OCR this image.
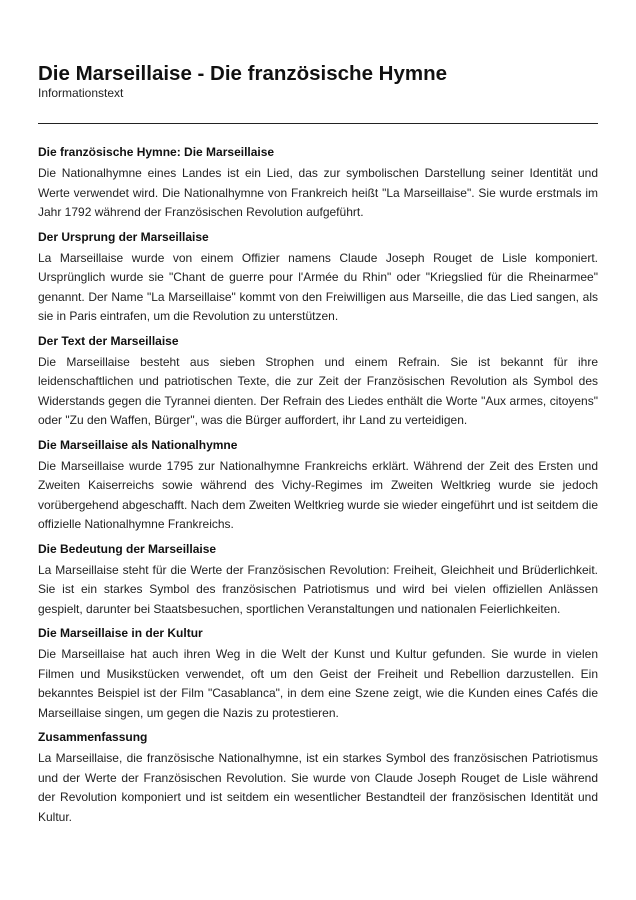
Die Marseillaise - Die französische Hymne

Informationstext

Die französische Hymne: Die Marseillaise

Die Nationalhymne eines Landes ist ein Lied, das zur symbolischen Darstellung seiner Identität und Werte verwendet wird. Die Nationalhymne von Frankreich heißt "La Marseillaise". Sie wurde erstmals im Jahr 1792 während der Französischen Revolution aufgeführt.

Der Ursprung der Marseillaise

La Marseillaise wurde von einem Offizier namens Claude Joseph Rouget de Lisle komponiert. Ursprünglich wurde sie "Chant de guerre pour l'Armée du Rhin" oder "Kriegslied für die Rheinarmee" genannt. Der Name "La Marseillaise" kommt von den Freiwilligen aus Marseille, die das Lied sangen, als sie in Paris eintrafen, um die Revolution zu unterstützen.

Der Text der Marseillaise

Die Marseillaise besteht aus sieben Strophen und einem Refrain. Sie ist bekannt für ihre leidenschaftlichen und patriotischen Texte, die zur Zeit der Französischen Revolution als Symbol des Widerstands gegen die Tyrannei dienten. Der Refrain des Liedes enthält die Worte "Aux armes, citoyens" oder "Zu den Waffen, Bürger", was die Bürger auffordert, ihr Land zu verteidigen.

Die Marseillaise als Nationalhymne

Die Marseillaise wurde 1795 zur Nationalhymne Frankreichs erklärt. Während der Zeit des Ersten und Zweiten Kaiserreichs sowie während des Vichy-Regimes im Zweiten Weltkrieg wurde sie jedoch vorübergehend abgeschafft. Nach dem Zweiten Weltkrieg wurde sie wieder eingeführt und ist seitdem die offizielle Nationalhymne Frankreichs.

Die Bedeutung der Marseillaise

La Marseillaise steht für die Werte der Französischen Revolution: Freiheit, Gleichheit und Brüderlichkeit. Sie ist ein starkes Symbol des französischen Patriotismus und wird bei vielen offiziellen Anlässen gespielt, darunter bei Staatsbesuchen, sportlichen Veranstaltungen und nationalen Feierlichkeiten.

Die Marseillaise in der Kultur

Die Marseillaise hat auch ihren Weg in die Welt der Kunst und Kultur gefunden. Sie wurde in vielen Filmen und Musikstücken verwendet, oft um den Geist der Freiheit und Rebellion darzustellen. Ein bekanntes Beispiel ist der Film "Casablanca", in dem eine Szene zeigt, wie die Kunden eines Cafés die Marseillaise singen, um gegen die Nazis zu protestieren.

Zusammenfassung

La Marseillaise, die französische Nationalhymne, ist ein starkes Symbol des französischen Patriotismus und der Werte der Französischen Revolution. Sie wurde von Claude Joseph Rouget de Lisle während der Revolution komponiert und ist seitdem ein wesentlicher Bestandteil der französischen Identität und Kultur.
